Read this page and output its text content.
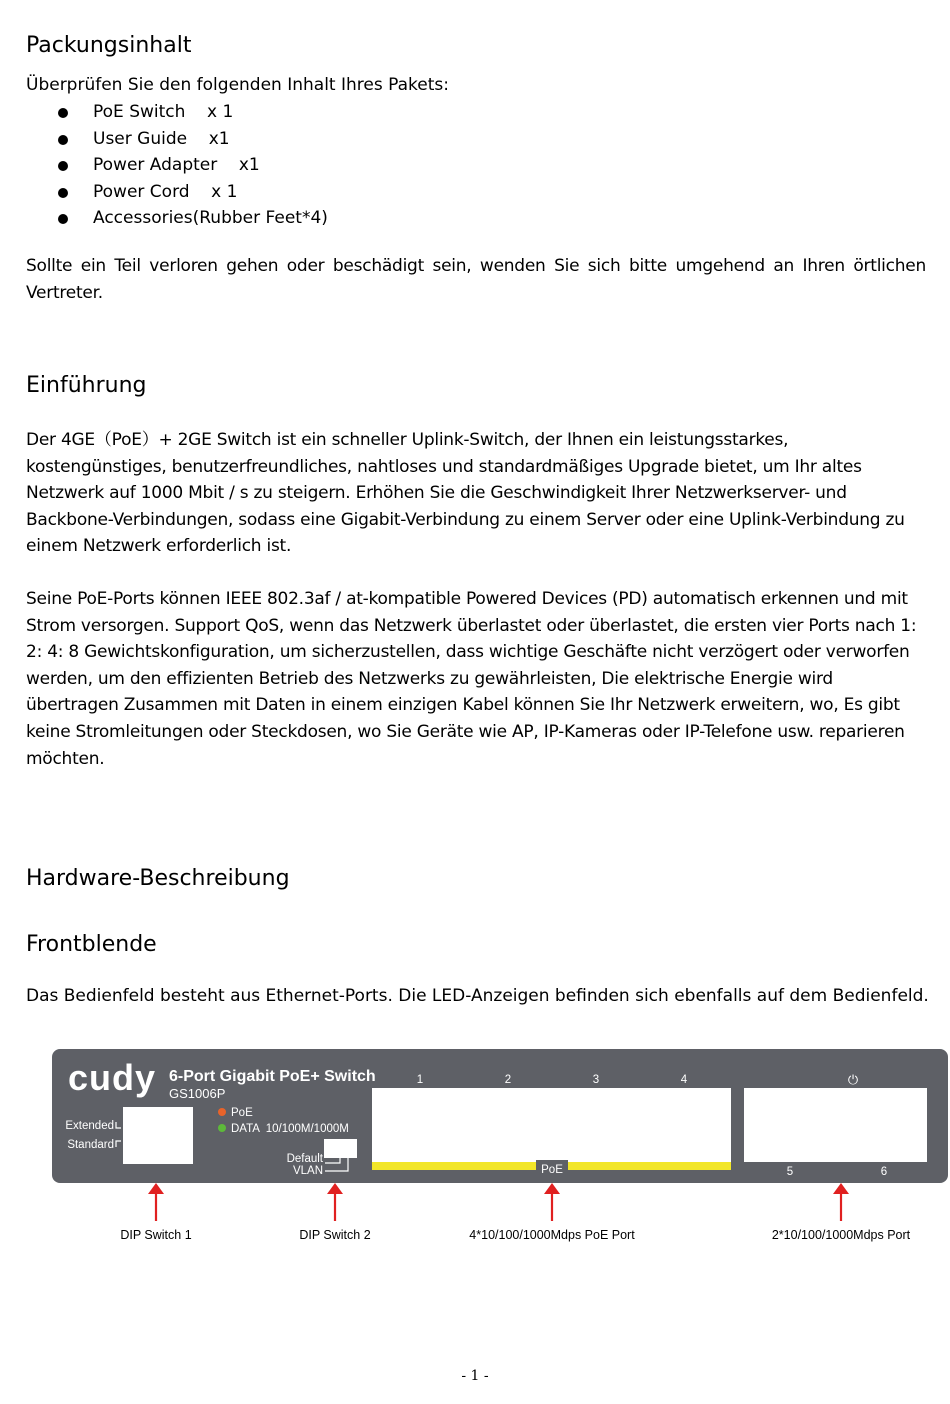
Packungsinhalt
Überprüfen Sie den folgenden Inhalt Ihres Pakets:
PoE Switch    x 1
User Guide    x1
Power Adapter    x1
Power Cord    x 1
Accessories(Rubber Feet*4)

Sollte ein Teil verloren gehen oder beschädigt sein, wenden Sie sich bitte umgehend an Ihren örtlichen Vertreter.

Einführung

Der 4GE（PoE）+ 2GE Switch ist ein schneller Uplink-Switch, der Ihnen ein leistungsstarkes, kostengünstiges, benutzerfreundliches, nahtloses und standardmäßiges Upgrade bietet, um Ihr altes Netzwerk auf 1000 Mbit / s zu steigern. Erhöhen Sie die Geschwindigkeit Ihrer Netzwerkserver- und Backbone-Verbindungen, sodass eine Gigabit-Verbindung zu einem Server oder eine Uplink-Verbindung zu einem Netzwerk erforderlich ist.

Seine PoE-Ports können IEEE 802.3af / at-kompatible Powered Devices (PD) automatisch erkennen und mit Strom versorgen. Support QoS, wenn das Netzwerk überlastet oder überlastet, die ersten vier Ports nach 1: 2: 4: 8 Gewichtskonfiguration, um sicherzustellen, dass wichtige Geschäfte nicht verzögert oder verworfen werden, um den effizienten Betrieb des Netzwerks zu gewährleisten, Die elektrische Energie wird übertragen Zusammen mit Daten in einem einzigen Kabel können Sie Ihr Netzwerk erweitern, wo, Es gibt keine Stromleitungen oder Steckdosen, wo Sie Geräte wie AP, IP-Kameras oder IP-Telefone usw. reparieren möchten.

Hardware-Beschreibung
Frontblende
Das Bedienfeld besteht aus Ethernet-Ports. Die LED-Anzeigen befinden sich ebenfalls auf dem Bedienfeld.
cudy 6-Port Gigabit PoE+ Switch
GS1006P
PoE
DATA  10/100M/1000M
Extended
Standard
Default
VLAN
1	2	3	4
PoE
⏻
5	6
DIP Switch 1	DIP Switch 2	4*10/100/1000Mdps PoE Port	2*10/100/1000Mdps Port
- 1 -
